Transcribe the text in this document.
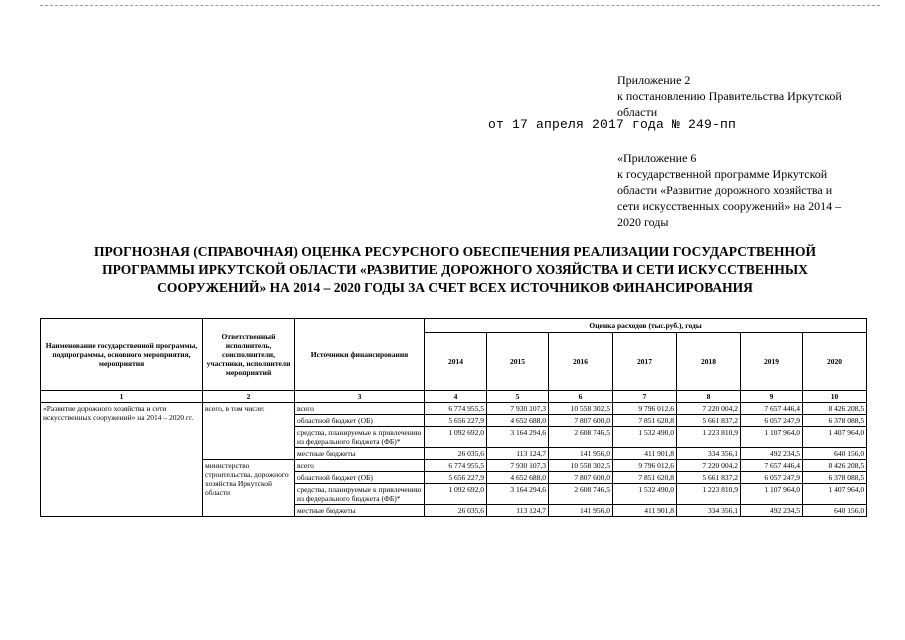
Приложение 2
к постановлению Правительства Иркутской
области
от 17 апреля 2017 года № 249-пп
«Приложение 6
к государственной программе Иркутской
области «Развитие дорожного хозяйства и
сети искусственных сооружений» на 2014 –
2020 годы
ПРОГНОЗНАЯ (СПРАВОЧНАЯ) ОЦЕНКА РЕСУРСНОГО ОБЕСПЕЧЕНИЯ РЕАЛИЗАЦИИ ГОСУДАРСТВЕННОЙ
ПРОГРАММЫ ИРКУТСКОЙ ОБЛАСТИ «РАЗВИТИЕ ДОРОЖНОГО ХОЗЯЙСТВА И СЕТИ ИСКУССТВЕННЫХ
СООРУЖЕНИЙ» НА 2014 – 2020 ГОДЫ ЗА СЧЕТ ВСЕХ ИСТОЧНИКОВ ФИНАНСИРОВАНИЯ
Наименование государственной программы, подпрограммы, основного мероприятия, мероприятия	Ответственный исполнитель, соисполнители, участники, исполнители мероприятий	Источники финансирования	Оценка расходов (тыс.руб.), годы						
			2014	2015	2016	2017	2018	2019	2020
1	2	3	4	5	6	7	8	9	10
«Развитие дорожного хозяйства и сети искусственных сооружений» на 2014 – 2020 гг.	всего, в том числе:	всего	6 774 955,5	7 930 107,3	10 558 302,5	9 796 012,6	7 220 004,2	7 657 446,4	8 426 208,5
		областной бюджет (ОБ)	5 656 227,9	4 652 688,0	7 807 600,0	7 851 620,8	5 661 837,2	6 057 247,9	6 378 088,5
		средства, планируемые к привлечению из федерального бюджета (ФБ)*	1 092 692,0	3 164 294,6	2 608 746,5	1 532 490,0	1 223 810,9	1 107 964,0	1 407 964,0
		местные бюджеты	26 035,6	113 124,7	141 956,0	411 901,8	334 356,1	492 234,5	640 156,0
	министерство строительства, дорожного хозяйства Иркутской области	всего	6 774 955,5	7 930 107,3	10 558 302,5	9 796 012,6	7 220 004,2	7 657 446,4	8 426 208,5
		областной бюджет (ОБ)	5 656 227,9	4 652 688,0	7 807 600,0	7 851 620,8	5 661 837,2	6 057 247,9	6 378 088,5
		средства, планируемые к привлечению из федерального бюджета (ФБ)*	1 092 692,0	3 164 294,6	2 608 746,5	1 532 490,0	1 223 810,9	1 107 964,0	1 407 964,0
		местные бюджеты	26 035,6	113 124,7	141 956,0	411 901,8	334 356,1	492 234,5	640 156,0
